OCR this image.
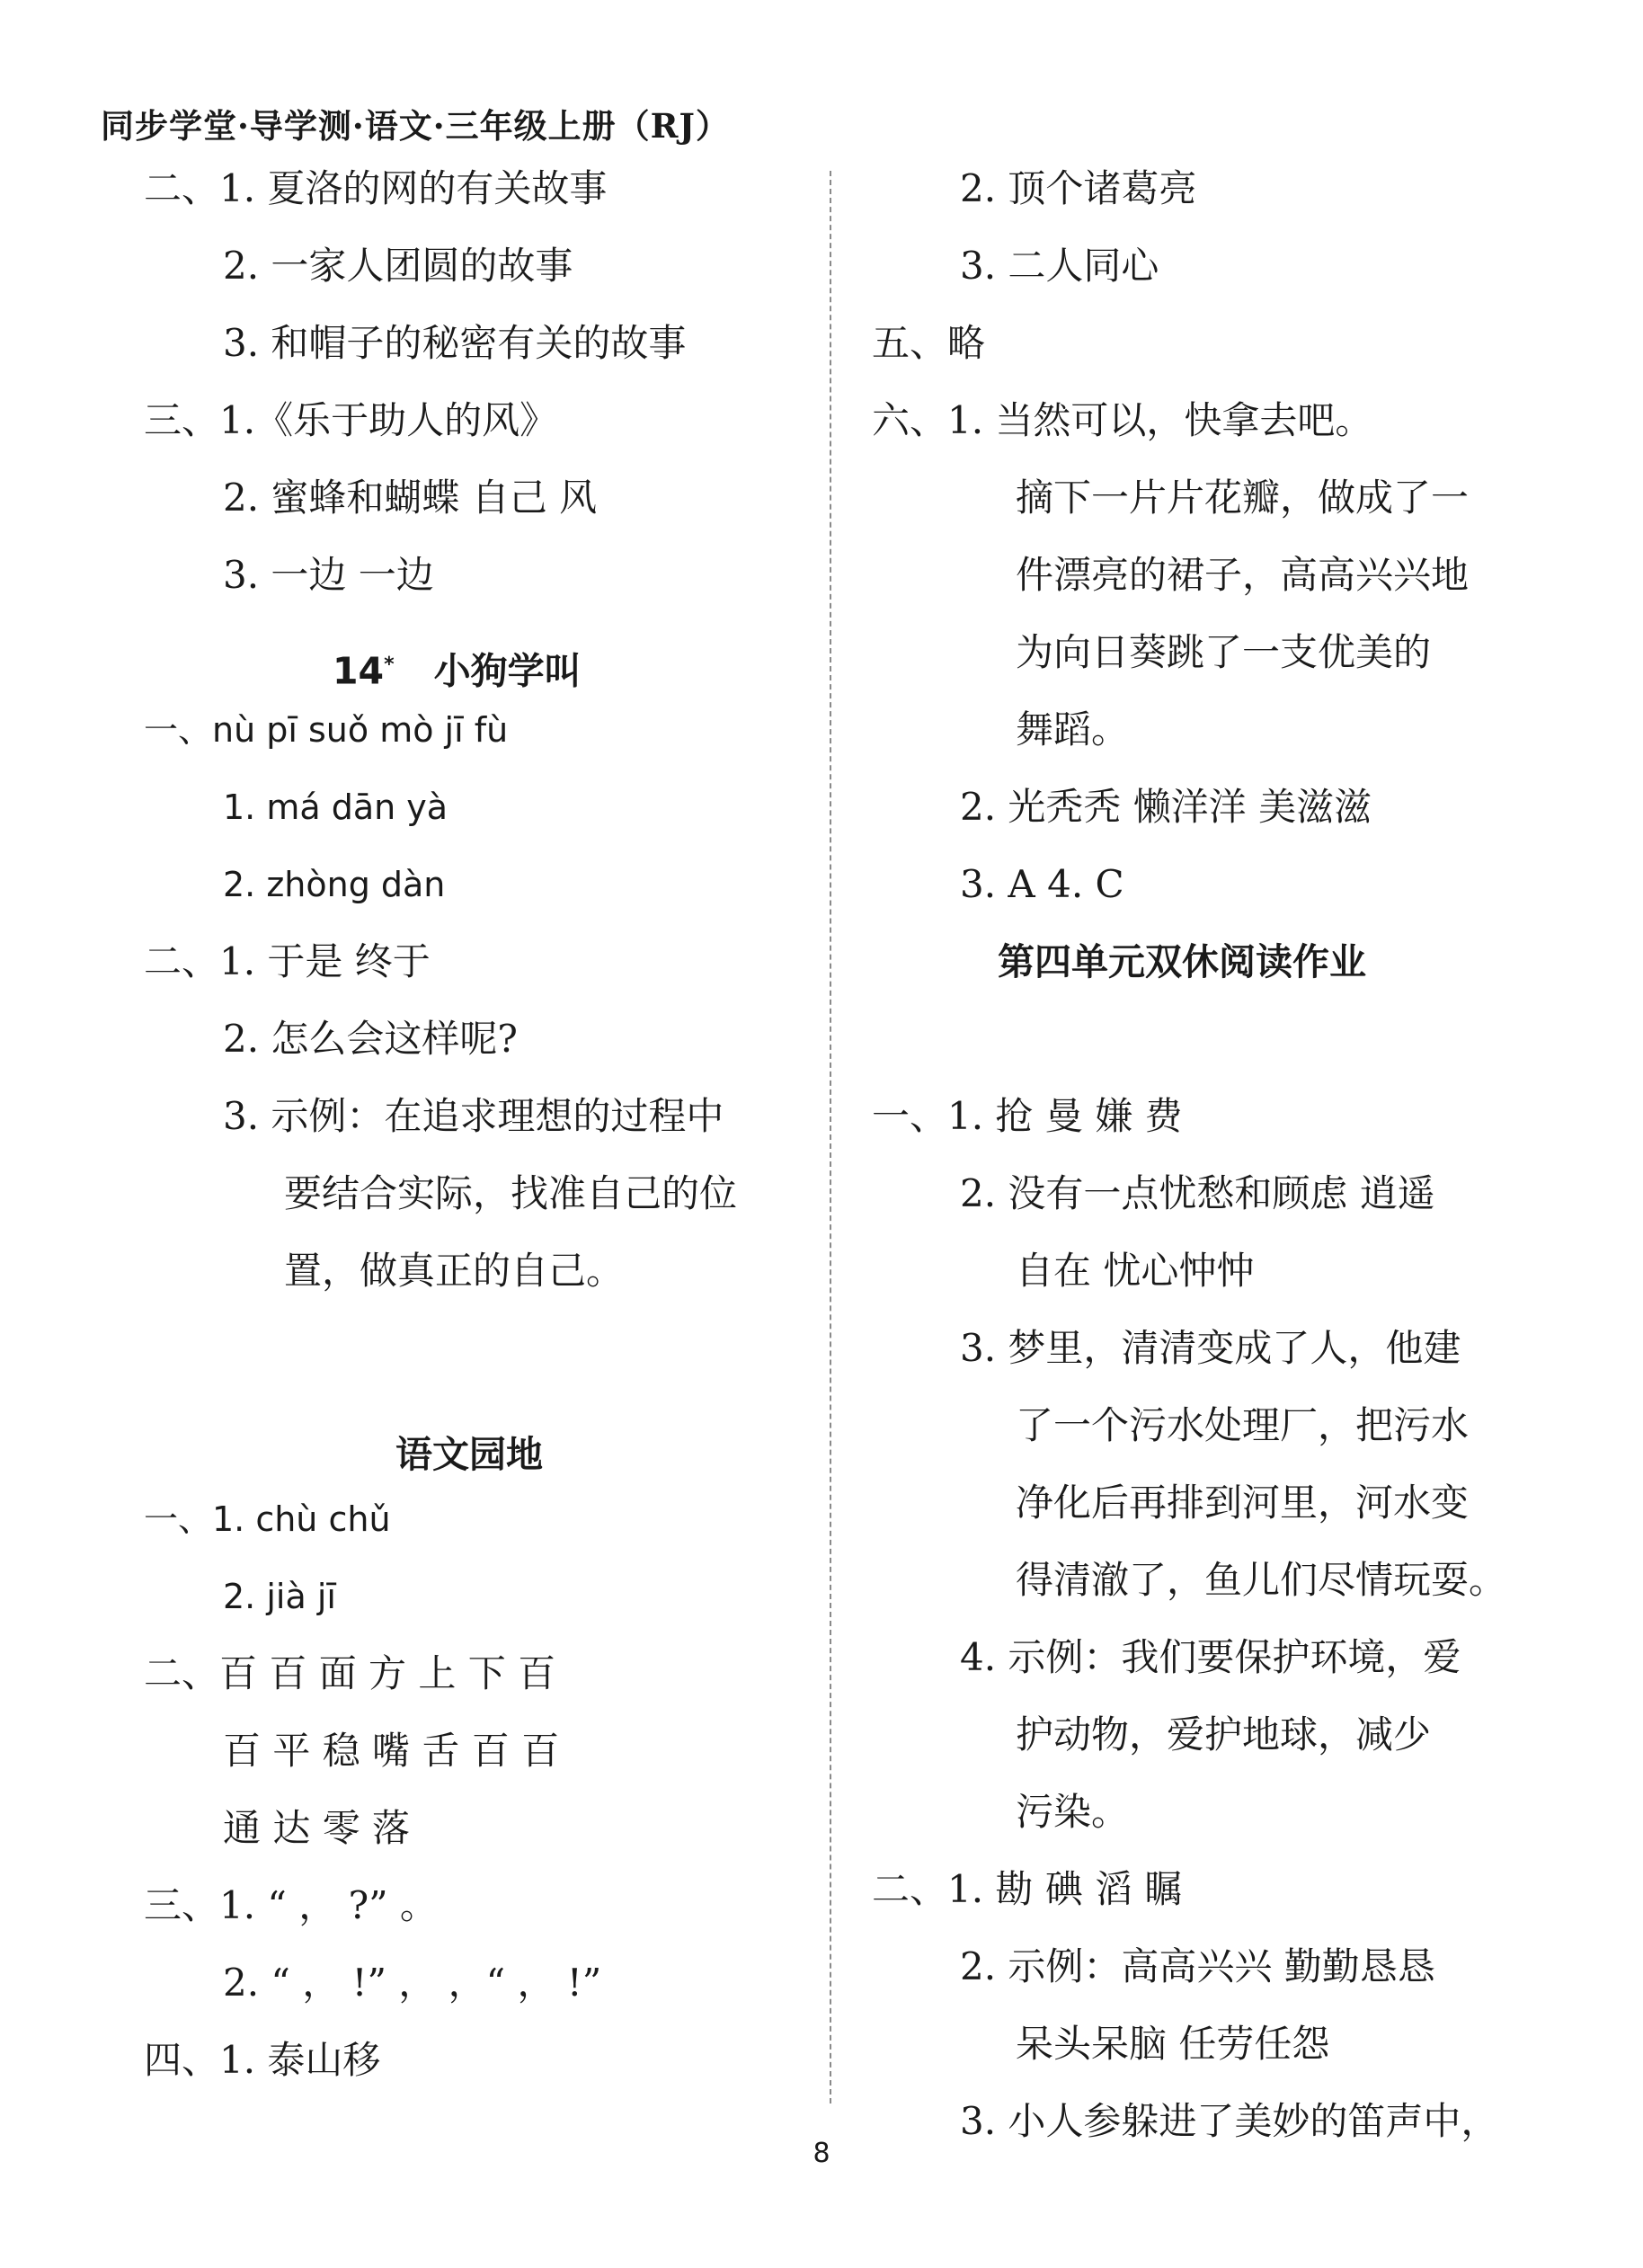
同步学堂·导学测·语文·三年级上册（RJ）
二、1. 夏洛的网的有关故事
2. 一家人团圆的故事
3. 和帽子的秘密有关的故事
三、1.《乐于助人的风》
2. 蜜蜂和蝴蝶 自己 风
3. 一边 一边
一、nù pī suǒ mò jī fù
1. má dān yà
2. zhòng dàn
二、1. 于是 终于
2. 怎么会这样呢?
3. 示例：在追求理想的过程中
要结合实际，找准自己的位
置，做真正的自己。
一、1. chù chǔ
2. jià jī
二、百 百 面 方 上 下 百
百 平 稳 嘴 舌 百 百
通 达 零 落
三、1. “ ， ?” 。
2. “ ， !” ， ，“ ， !”
四、1. 泰山移
14* 小狗学叫
语文园地
2. 顶个诸葛亮
3. 二人同心
五、略
六、1. 当然可以，快拿去吧。
摘下一片片花瓣，做成了一
件漂亮的裙子，高高兴兴地
为向日葵跳了一支优美的
舞蹈。
2. 光秃秃 懒洋洋 美滋滋
3. A 4. C
一、1. 抢 曼 嫌 费
2. 没有一点忧愁和顾虑 逍遥
自在 忧心忡忡
3. 梦里，清清变成了人，他建
了一个污水处理厂，把污水
净化后再排到河里，河水变
得清澈了，鱼儿们尽情玩耍。
4. 示例：我们要保护环境，爱
护动物，爱护地球，减少
污染。
二、1. 勘 碘 滔 瞩
2. 示例：高高兴兴 勤勤恳恳
呆头呆脑 任劳任怨
3. 小人参躲进了美妙的笛声中，
第四单元双休阅读作业
8
